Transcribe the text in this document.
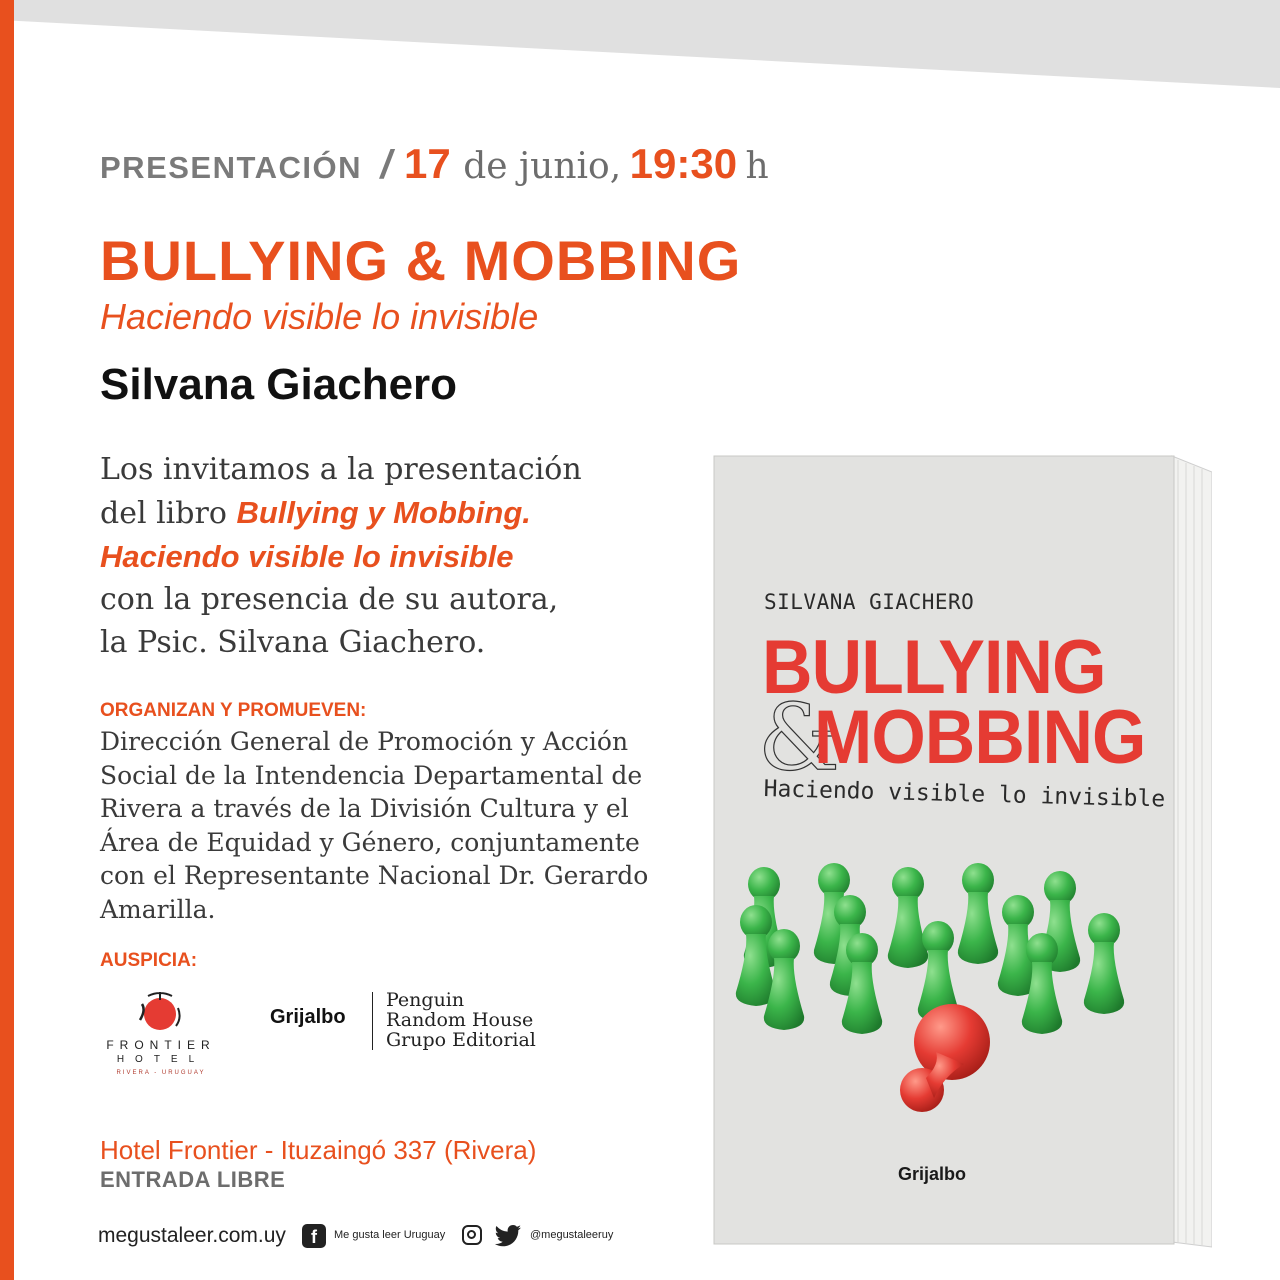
PRESENTACIÓN / 17 de junio, 19:30 h
BULLYING & MOBBING
Haciendo visible lo invisible
Silvana Giachero
Los invitamos a la presentación
del libro Bullying y Mobbing.
Haciendo visible lo invisible
con la presencia de su autora,
la Psic. Silvana Giachero.
ORGANIZAN Y PROMUEVEN:
Dirección General de Promoción y Acción
Social de la Intendencia Departamental de
Rivera a través de la División Cultura y el
Área de Equidad y Género, conjuntamente
con el Representante Nacional Dr. Gerardo
Amarilla.
AUSPICIA:
FRONTIER
HOTEL
RIVERA - URUGUAY
Grijalbo
Penguin
Random House
Grupo Editorial
Hotel Frontier - Ituzaingó 337 (Rivera)
ENTRADA LIBRE
megustaleer.com.uy	f	Me gusta leer Uruguay	@megustaleeruy
SILVANA GIACHERO
BULLYING
&
MOBBING
Haciendo visible lo invisible
Grijalbo
